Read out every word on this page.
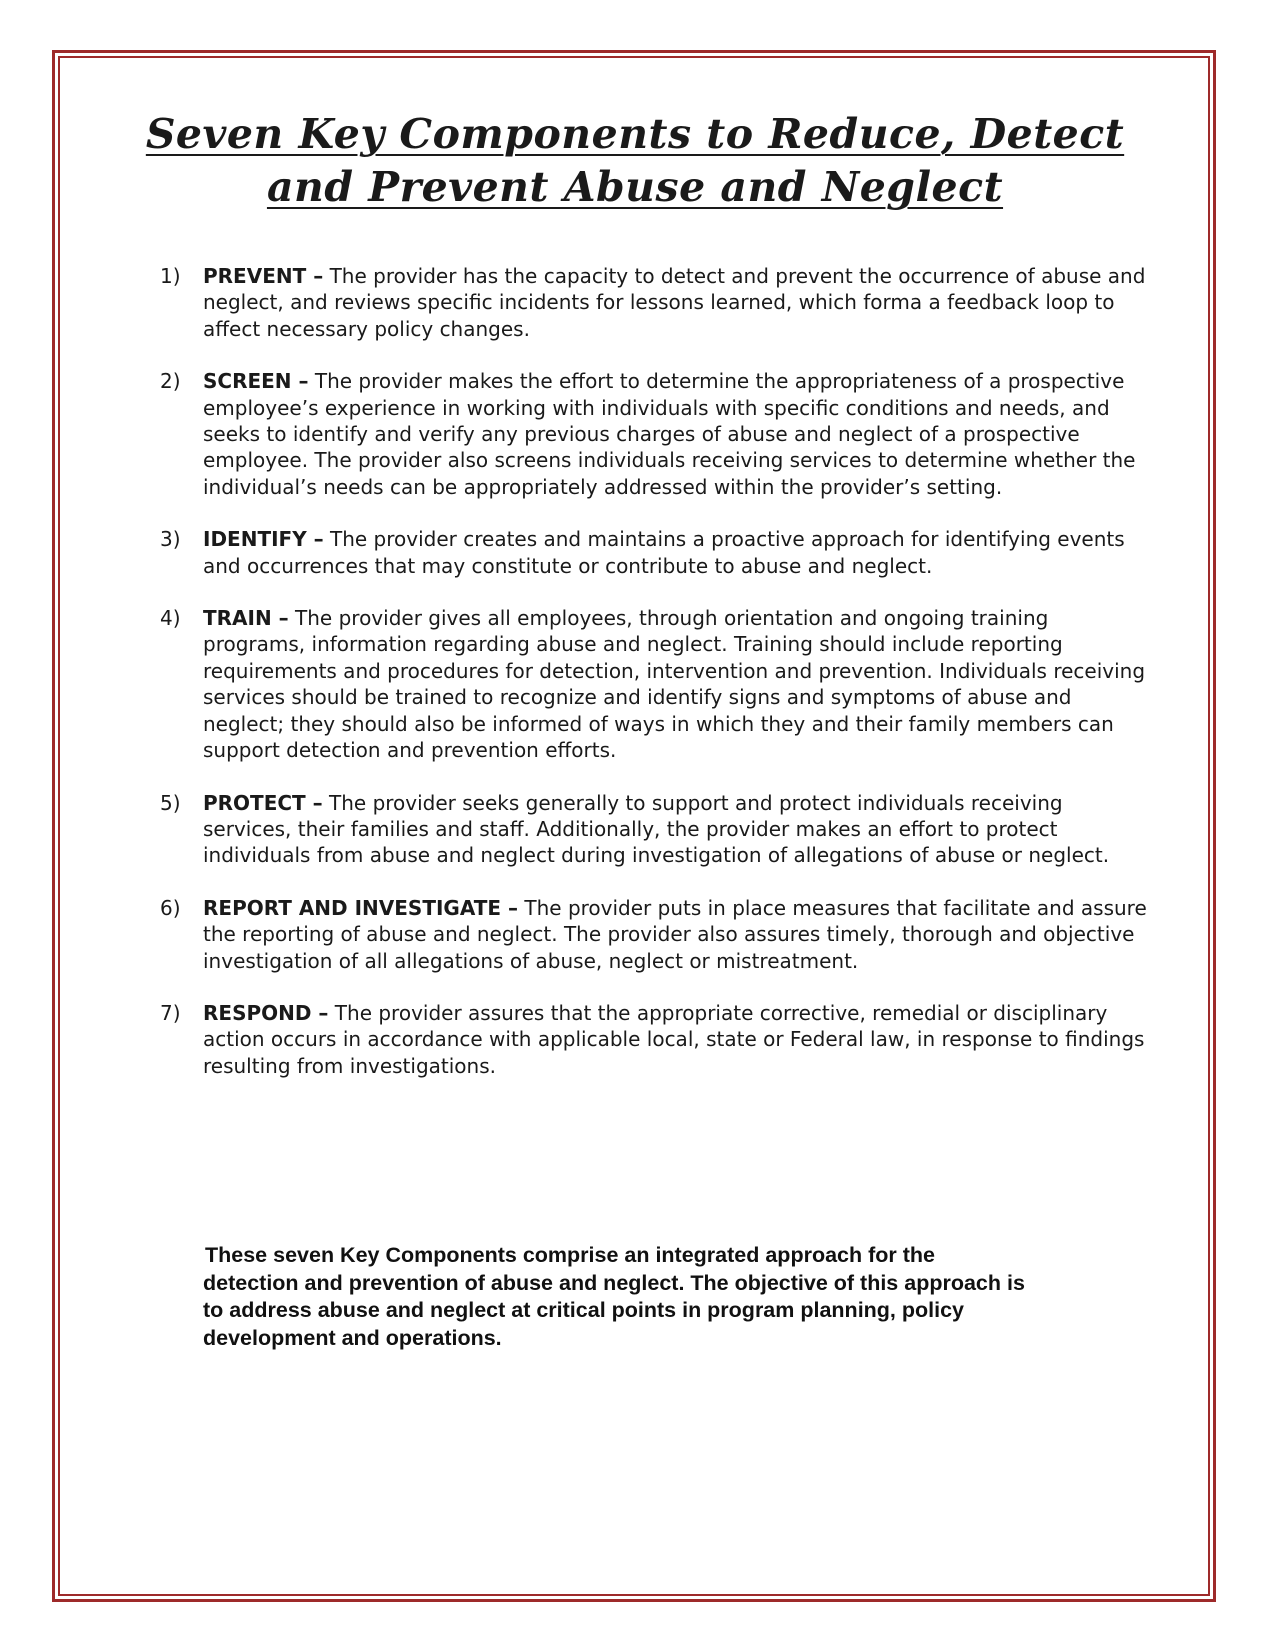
Seven Key Components to Reduce, Detect
and Prevent Abuse and Neglect
1) PREVENT – The provider has the capacity to detect and prevent the occurrence of abuse and neglect, and reviews specific incidents for lessons learned, which forma a feedback loop to affect necessary policy changes.
2) SCREEN – The provider makes the effort to determine the appropriateness of a prospective employee’s experience in working with individuals with specific conditions and needs, and seeks to identify and verify any previous charges of abuse and neglect of a prospective employee. The provider also screens individuals receiving services to determine whether the individual’s needs can be appropriately addressed within the provider’s setting.
3) IDENTIFY – The provider creates and maintains a proactive approach for identifying events and occurrences that may constitute or contribute to abuse and neglect.
4) TRAIN – The provider gives all employees, through orientation and ongoing training programs, information regarding abuse and neglect. Training should include reporting requirements and procedures for detection, intervention and prevention. Individuals receiving services should be trained to recognize and identify signs and symptoms of abuse and neglect; they should also be informed of ways in which they and their family members can support detection and prevention efforts.
5) PROTECT – The provider seeks generally to support and protect individuals receiving services, their families and staff. Additionally, the provider makes an effort to protect individuals from abuse and neglect during investigation of allegations of abuse or neglect.
6) REPORT AND INVESTIGATE – The provider puts in place measures that facilitate and assure the reporting of abuse and neglect. The provider also assures timely, thorough and objective investigation of all allegations of abuse, neglect or mistreatment.
7) RESPOND – The provider assures that the appropriate corrective, remedial or disciplinary action occurs in accordance with applicable local, state or Federal law, in response to findings resulting from investigations.
These seven Key Components comprise an integrated approach for the detection and prevention of abuse and neglect. The objective of this approach is to address abuse and neglect at critical points in program planning, policy development and operations.
